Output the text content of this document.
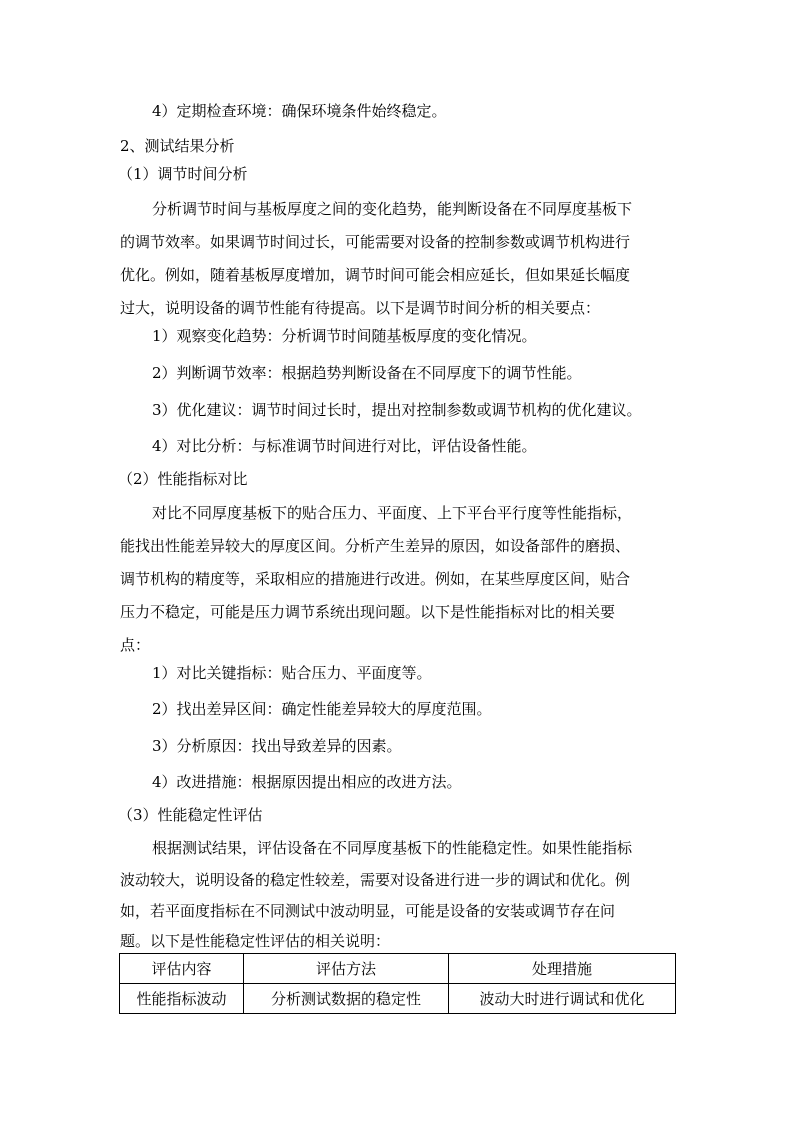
4）定期检查环境：确保环境条件始终稳定。
2、测试结果分析
（1）调节时间分析
分析调节时间与基板厚度之间的变化趋势，能判断设备在不同厚度基板下
的调节效率。如果调节时间过长，可能需要对设备的控制参数或调节机构进行
优化。例如，随着基板厚度增加，调节时间可能会相应延长，但如果延长幅度
过大，说明设备的调节性能有待提高。以下是调节时间分析的相关要点：
1）观察变化趋势：分析调节时间随基板厚度的变化情况。
2）判断调节效率：根据趋势判断设备在不同厚度下的调节性能。
3）优化建议：调节时间过长时，提出对控制参数或调节机构的优化建议。
4）对比分析：与标准调节时间进行对比，评估设备性能。
（2）性能指标对比
对比不同厚度基板下的贴合压力、平面度、上下平台平行度等性能指标，
能找出性能差异较大的厚度区间。分析产生差异的原因，如设备部件的磨损、
调节机构的精度等，采取相应的措施进行改进。例如，在某些厚度区间，贴合
压力不稳定，可能是压力调节系统出现问题。以下是性能指标对比的相关要
点：
1）对比关键指标：贴合压力、平面度等。
2）找出差异区间：确定性能差异较大的厚度范围。
3）分析原因：找出导致差异的因素。
4）改进措施：根据原因提出相应的改进方法。
（3）性能稳定性评估
根据测试结果，评估设备在不同厚度基板下的性能稳定性。如果性能指标
波动较大，说明设备的稳定性较差，需要对设备进行进一步的调试和优化。例
如，若平面度指标在不同测试中波动明显，可能是设备的安装或调节存在问
题。以下是性能稳定性评估的相关说明：
评估内容	评估方法	处理措施
性能指标波动	分析测试数据的稳定性	波动大时进行调试和优化
